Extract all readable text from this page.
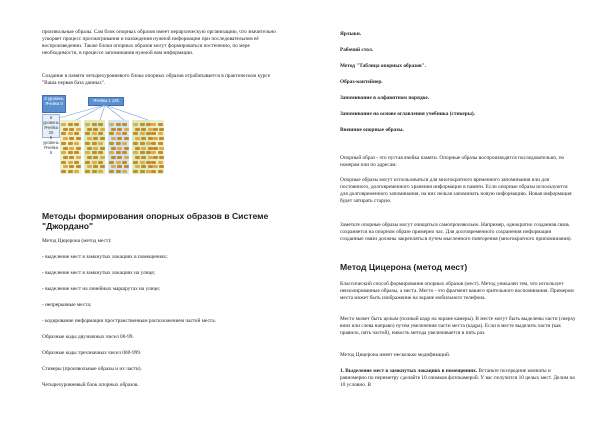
произвольные образы. Сам блок опорных образов имеет иерархическую организацию, что значительно ускоряет процесс просматривания и нахождения нужной информации при последовательном её воспроизведении. Также блоки опорных образов могут формироваться постепенно, по мере необходимости, в процессе запоминания нужной вам информации.

Создание в памяти четырехуровневого блока опорных образов отрабатывается в практическом курсе "Вашa первая база данных".

8 уровень
Ячейка 0
Ячейка 1 125
6 уровень
Ячейка 25
5 уровень
Ячейка 5
Методы формирования опорных образов в Системе "Джордано"

Метод Цицерона (метод мест):

- выделение мест в замкнутых локациях в помещениях;

- выделение мест в замкнутых локациях на улице;

- выделение мест на линейных маршрутах на улице;

- непрерывные места;

- кодирование информации пространственным расположением частей места.

Образные коды двузначных чисел 00-99.

Образные коды трехзначных чисел 000-999.

Стикеры (произвольные образы и их части).

Четырехуровневый блок опорных образов.

Ярлыки.

Рабочий стол.

Метод "Таблица опорных образов".

Образ-контейнер.

Запоминание в алфавитном порядке.

Запоминание на основе оглавления учебника (стикеры).

Внешние опорные образы.

Опорный образ - это пустая ячейка памяти. Опорные образы воспроизводятся последовательно, по номерам или по адресам.

Опорные образы могут использоваться для многократного временного запоминания или для постоянного, долговременного хранения информации в памяти. Если опорные образы используются для долговременного запоминания, на них нельзя запоминать новую информацию. Новая информация будет затирать старую.

Заметьте опорные образы могут очищаться самопроизвольно. Например, однократно созданная связь сохраняется на опорном образе примерно час. Для долговременного сохранения информации созданные связи должны закрепляться путем мысленного повторения (многократного припоминания).

Метод Цицерона (метод мест)

Классический способ формирования опорных образов (мест). Метод уникален тем, что использует неизолированные образы, а места. Место - это фрагмент вашего зрительного воспоминания. Примером места может быть изображение на экране мобильного телефона.

Место может быть целым (полный кадр на экране камеры). В месте могут быть выделены части (сверху вниз или слева направо) путем увеличения части места (кадра). Если в месте выделить части (как правило, пять частей), емкость метода увеличивается в пять раз.

Метод Цицерона имеет несколько модификаций.

1. Выделение мест в замкнутых локациях в помещениях. Встаньте посередине комнаты и равномерно по периметру сделайте 10 снимков фотокамерой. У вас получится 10 целых мест. Делим на 10 условно. В
